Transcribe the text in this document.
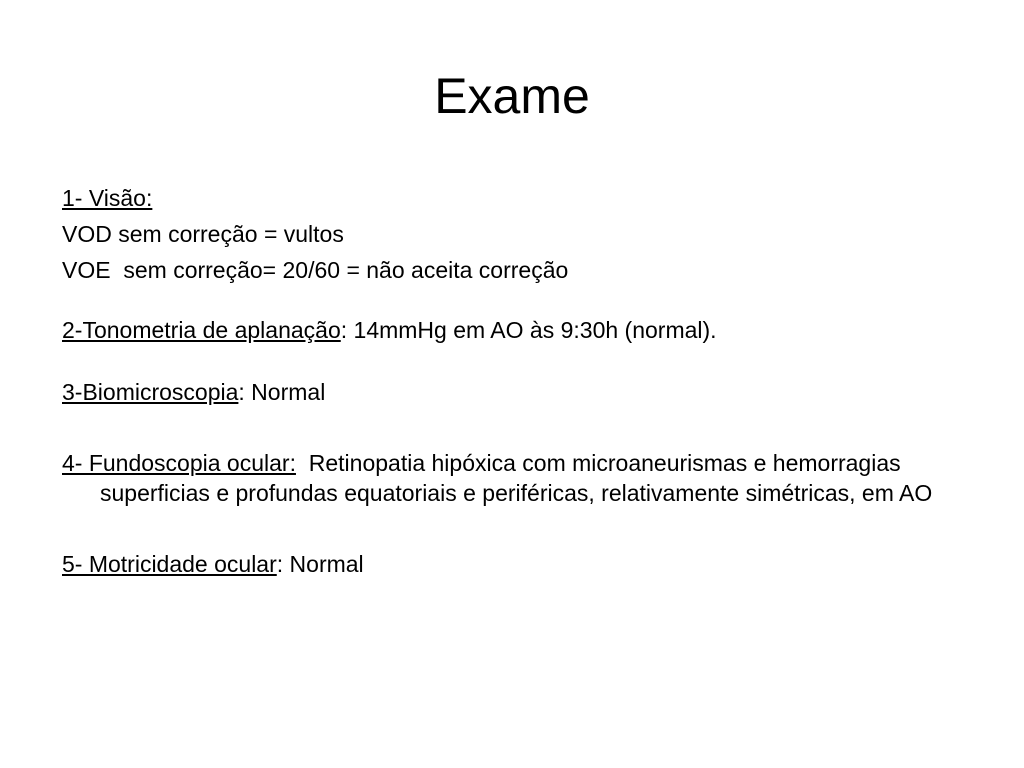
Exame
1- Visão:
VOD sem correção = vultos
VOE  sem correção= 20/60 = não aceita correção
2-Tonometria de aplanação: 14mmHg em AO às 9:30h (normal).
3-Biomicroscopia: Normal
4- Fundoscopia ocular:  Retinopatia hipóxica com microaneurismas e hemorragias superficias e profundas equatoriais e periféricas, relativamente simétricas, em AO
5- Motricidade ocular: Normal
